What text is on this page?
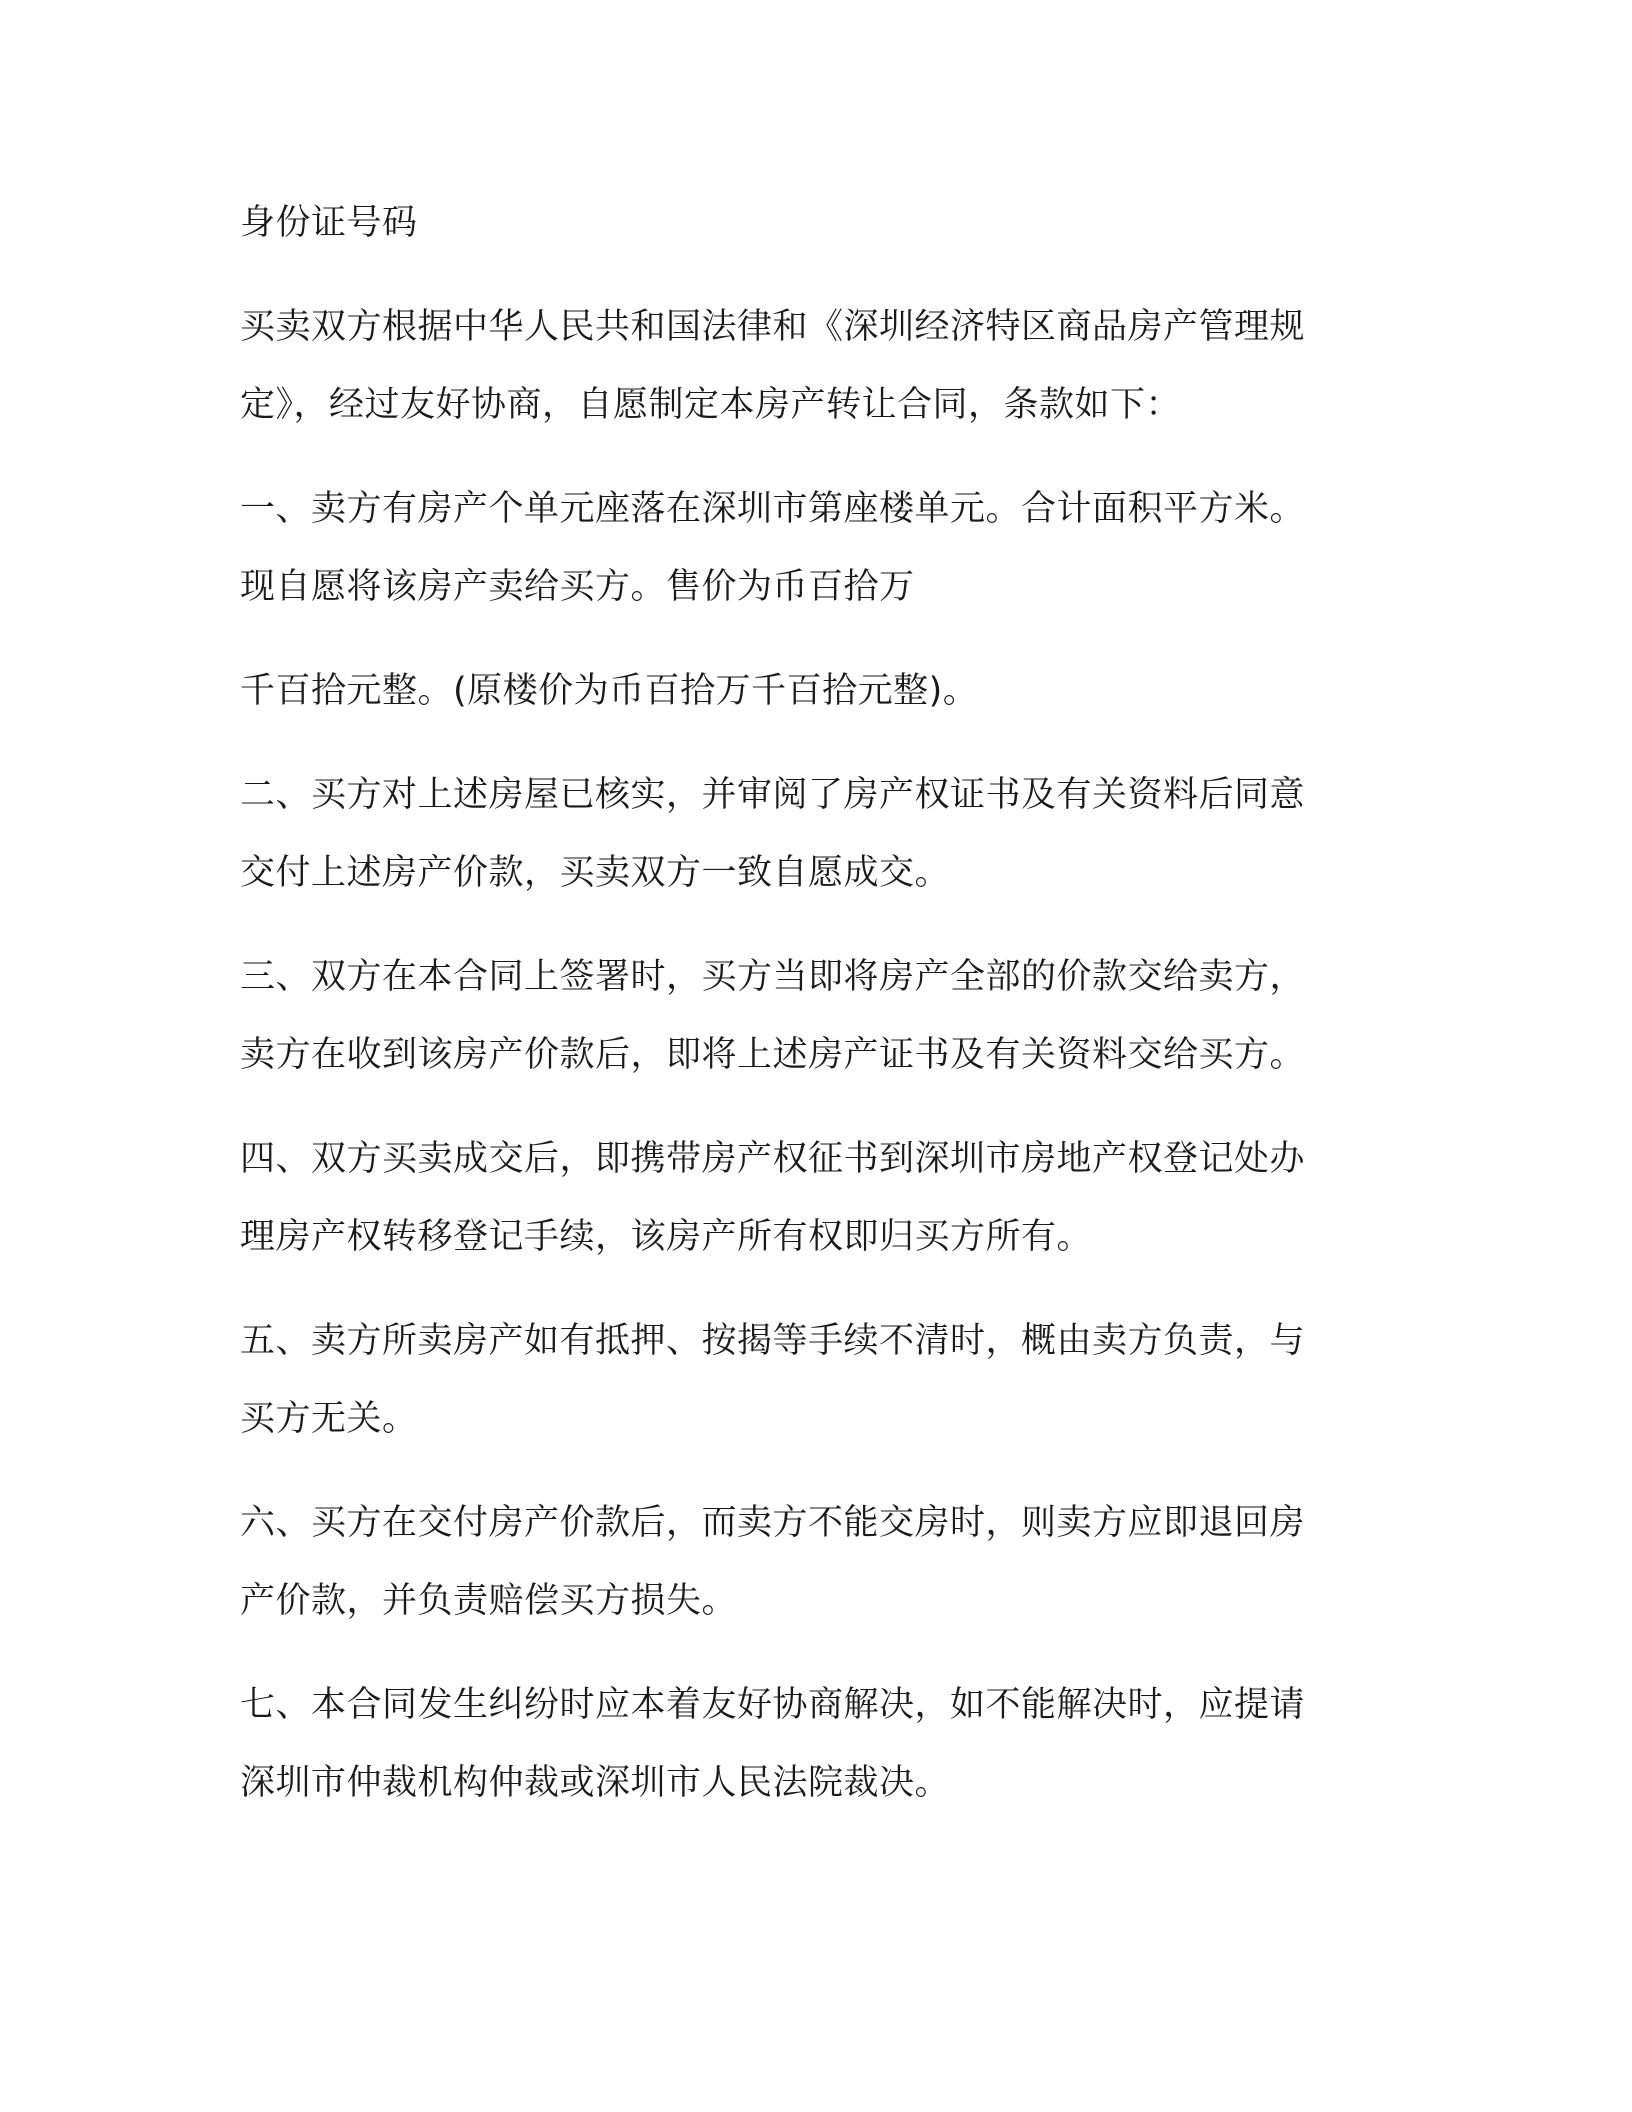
身份证号码
买卖双方根据中华人民共和国法律和《深圳经济特区商品房产管理规
定》，经过友好协商，自愿制定本房产转让合同，条款如下：
一、卖方有房产个单元座落在深圳市第座楼单元。合计面积平方米。
现自愿将该房产卖给买方。售价为币百拾万
千百拾元整。(原楼价为币百拾万千百拾元整)。
二、买方对上述房屋已核实，并审阅了房产权证书及有关资料后同意
交付上述房产价款，买卖双方一致自愿成交。
三、双方在本合同上签署时，买方当即将房产全部的价款交给卖方，
卖方在收到该房产价款后，即将上述房产证书及有关资料交给买方。
四、双方买卖成交后，即携带房产权征书到深圳市房地产权登记处办
理房产权转移登记手续，该房产所有权即归买方所有。
五、卖方所卖房产如有抵押、按揭等手续不清时，概由卖方负责，与
买方无关。
六、买方在交付房产价款后，而卖方不能交房时，则卖方应即退回房
产价款，并负责赔偿买方损失。
七、本合同发生纠纷时应本着友好协商解决，如不能解决时，应提请
深圳市仲裁机构仲裁或深圳市人民法院裁决。
